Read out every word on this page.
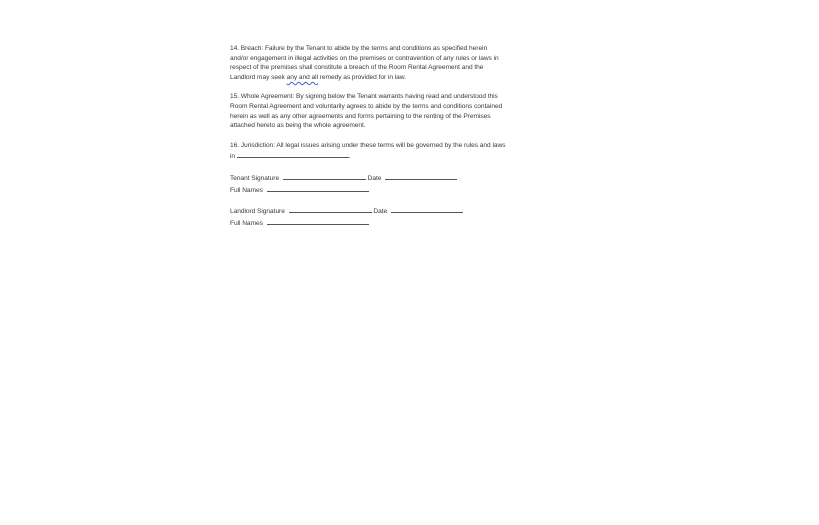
14. Breach: Failure by the Tenant to abide by the terms and conditions as specified herein
and/or engagement in illegal activities on the premises or contravention of any rules or laws in
respect of the premises shall constitute a breach of the Room Rental Agreement and the
Landlord may seek any and all remedy as provided for in law.

15. Whole Agreement: By signing below the Tenant warrants having read and understood this
Room Rental Agreement and voluntarily agrees to abide by the terms and conditions contained
herein as well as any other agreements and forms pertaining to the renting of the Premises
attached hereto as being the whole agreement.

16. Jurisdiction: All legal issues arising under these terms will be governed by the rules and laws
in	.

Tenant Signature	Date
Full Names
Landlord Signature	Date
Full Names
